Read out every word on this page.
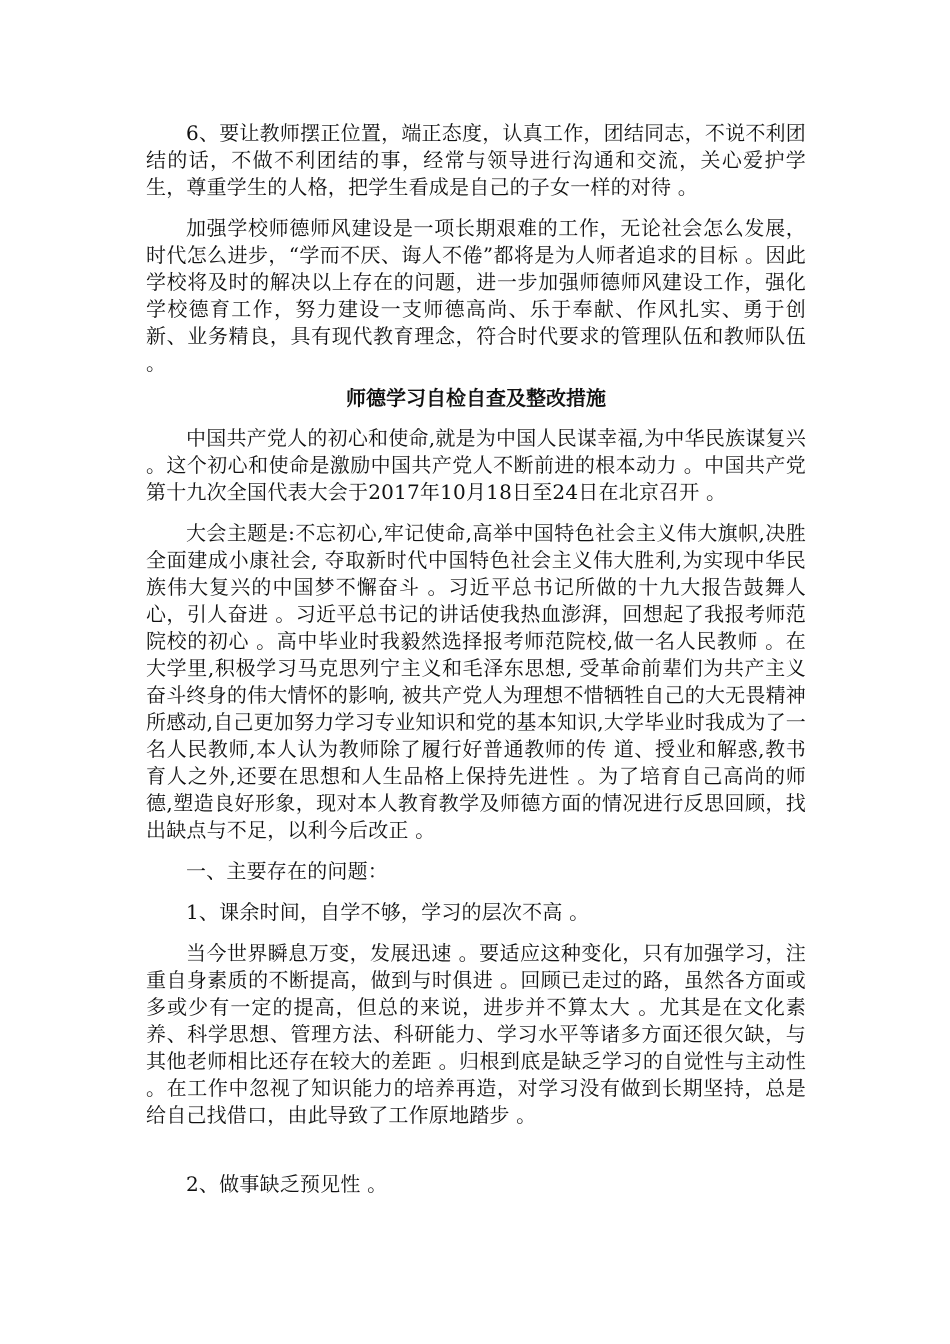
6、要让教师摆正位置，端正态度，认真工作，团结同志，不说不利团结的话，不做不利团结的事，经常与领导进行沟通和交流，关心爱护学生，尊重学生的人格，把学生看成是自己的子女一样的对待 。

加强学校师德师风建设是一项长期艰难的工作，无论社会怎么发展，时代怎么进步，“学而不厌、诲人不倦”都将是为人师者追求的目标 。因此学校将及时的解决以上存在的问题，进一步加强师德师风建设工作，强化学校德育工作，努力建设一支师德高尚、乐于奉献、作风扎实、勇于创新、业务精良，具有现代教育理念，符合时代要求的管理队伍和教师队伍 。

师德学习自检自查及整改措施

中国共产党人的初心和使命,就是为中国人民谋幸福,为中华民族谋复兴 。这个初心和使命是激励中国共产党人不断前进的根本动力 。中国共产党第十九次全国代表大会于2017年10月18日至24日在北京召开 。

大会主题是:不忘初心,牢记使命,高举中国特色社会主义伟大旗帜,决胜全面建成小康社会, 夺取新时代中国特色社会主义伟大胜利,为实现中华民族伟大复兴的中国梦不懈奋斗 。习近平总书记所做的十九大报告鼓舞人心，引人奋进 。习近平总书记的讲话使我热血澎湃，回想起了我报考师范院校的初心 。高中毕业时我毅然选择报考师范院校,做一名人民教师 。在大学里,积极学习马克思列宁主义和毛泽东思想, 受革命前辈们为共产主义奋斗终身的伟大情怀的影响, 被共产党人为理想不惜牺牲自己的大无畏精神所感动,自己更加努力学习专业知识和党的基本知识,大学毕业时我成为了一名人民教师,本人认为教师除了履行好普通教师的传 道、授业和解惑,教书育人之外,还要在思想和人生品格上保持先进性 。为了培育自己高尚的师德,塑造良好形象，现对本人教育教学及师德方面的情况进行反思回顾，找出缺点与不足，以利今后改正 。

一、主要存在的问题：

1、课余时间，自学不够，学习的层次不高 。

当今世界瞬息万变，发展迅速 。要适应这种变化，只有加强学习，注重自身素质的不断提高，做到与时俱进 。回顾已走过的路，虽然各方面或多或少有一定的提高，但总的来说，进步并不算太大 。尤其是在文化素养、科学思想、管理方法、科研能力、学习水平等诸多方面还很欠缺，与其他老师相比还存在较大的差距 。归根到底是缺乏学习的自觉性与主动性 。在工作中忽视了知识能力的培养再造，对学习没有做到长期坚持，总是给自己找借口，由此导致了工作原地踏步 。

2、做事缺乏预见性 。
